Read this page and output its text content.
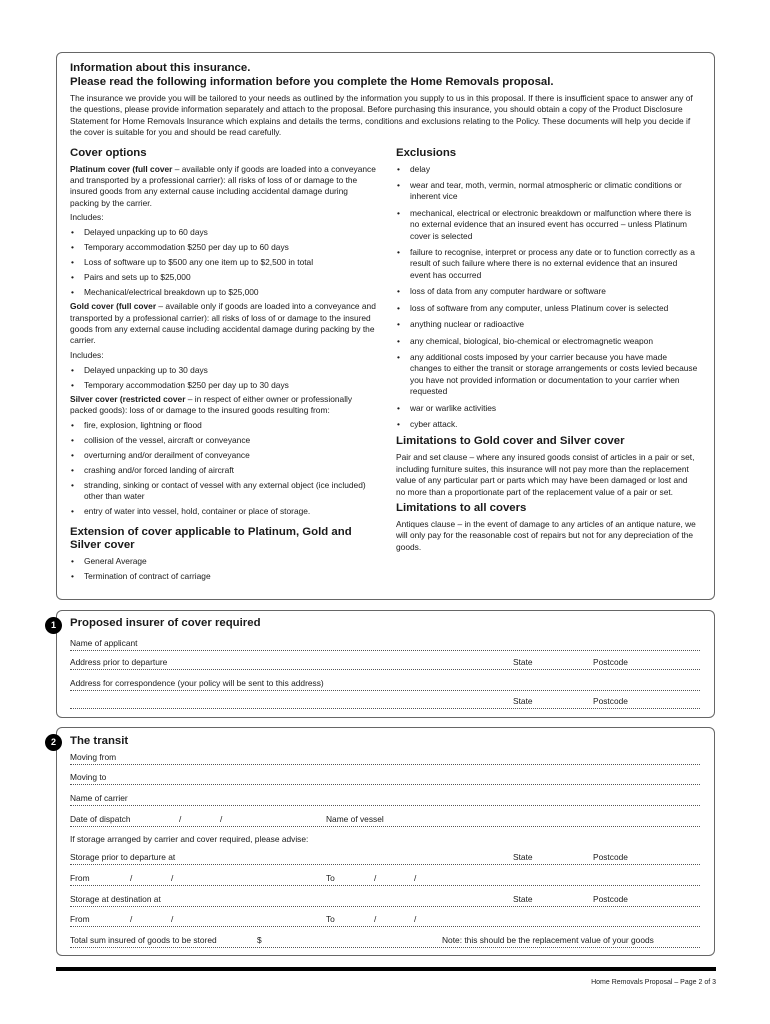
Information about this insurance.
Please read the following information before you complete the Home Removals proposal.
The insurance we provide you will be tailored to your needs as outlined by the information you supply to us in this proposal. If there is insufficient space to answer any of the questions, please provide information separately and attach to the proposal. Before purchasing this insurance, you should obtain a copy of the Product Disclosure Statement for Home Removals Insurance which explains and details the terms, conditions and exclusions relating to the Policy. These documents will help you decide if the cover is suitable for you and should be read carefully.
Cover options

Platinum cover (full cover – available only if goods are loaded into a conveyance and transported by a professional carrier): all risks of loss of or damage to the insured goods from any external cause including accidental damage during packing by the carrier.

Includes:

• Delayed unpacking up to 60 days
• Temporary accommodation $250 per day up to 60 days
• Loss of software up to $500 any one item up to $2,500 in total
• Pairs and sets up to $25,000
• Mechanical/electrical breakdown up to $25,000

Gold cover (full cover – available only if goods are loaded into a conveyance and transported by a professional carrier): all risks of loss of or damage to the insured goods from any external cause including accidental damage during packing by the carrier.

Includes:

• Delayed unpacking up to 30 days
• Temporary accommodation $250 per day up to 30 days

Silver cover (restricted cover – in respect of either owner or professionally packed goods): loss of or damage to the insured goods resulting from:

• fire, explosion, lightning or flood
• collision of the vessel, aircraft or conveyance
• overturning and/or derailment of conveyance
• crashing and/or forced landing of aircraft
• stranding, sinking or contact of vessel with any external object (ice included) other than water
• entry of water into vessel, hold, container or place of storage.
Extension of cover applicable to Platinum, Gold and Silver cover
• General Average
• Termination of contract of carriage
Exclusions
• delay
• wear and tear, moth, vermin, normal atmospheric or climatic conditions or inherent vice
• mechanical, electrical or electronic breakdown or malfunction where there is no external evidence that an insured event has occurred – unless Platinum cover is selected
• failure to recognise, interpret or process any date or to function correctly as a result of such failure where there is no external evidence that an insured event has occurred
• loss of data from any computer hardware or software
• loss of software from any computer, unless Platinum cover is selected
• anything nuclear or radioactive
• any chemical, biological, bio-chemical or electromagnetic weapon
• any additional costs imposed by your carrier because you have made changes to either the transit or storage arrangements or costs levied because you have not provided information or documentation to your carrier when requested
• war or warlike activities
• cyber attack.
Limitations to Gold cover and Silver cover

Pair and set clause – where any insured goods consist of articles in a pair or set, including furniture suites, this insurance will not pay more than the replacement value of any particular part or parts which may have been damaged or lost and no more than a proportionate part of the replacement value of a pair or set.

Limitations to all covers

Antiques clause – in the event of damage to any articles of an antique nature, we will only pay for the reasonable cost of repairs but not for any depreciation of the goods.

1	Proposed insurer of cover required
Name of applicant
Address prior to departure	State	Postcode
Address for correspondence (your policy will be sent to this address)
State	Postcode
2	The transit
Moving from
Moving to
Name of carrier
Date of dispatch	/	/	Name of vessel
If storage arranged by carrier and cover required, please advise:
Storage prior to departure at	State	Postcode
From	/	/	To	/	/
Storage at destination at	State	Postcode
From	/	/	To	/	/
Total sum insured of goods to be stored	$	Note: this should be the replacement value of your goods
Home Removals Proposal – Page 2 of 3
